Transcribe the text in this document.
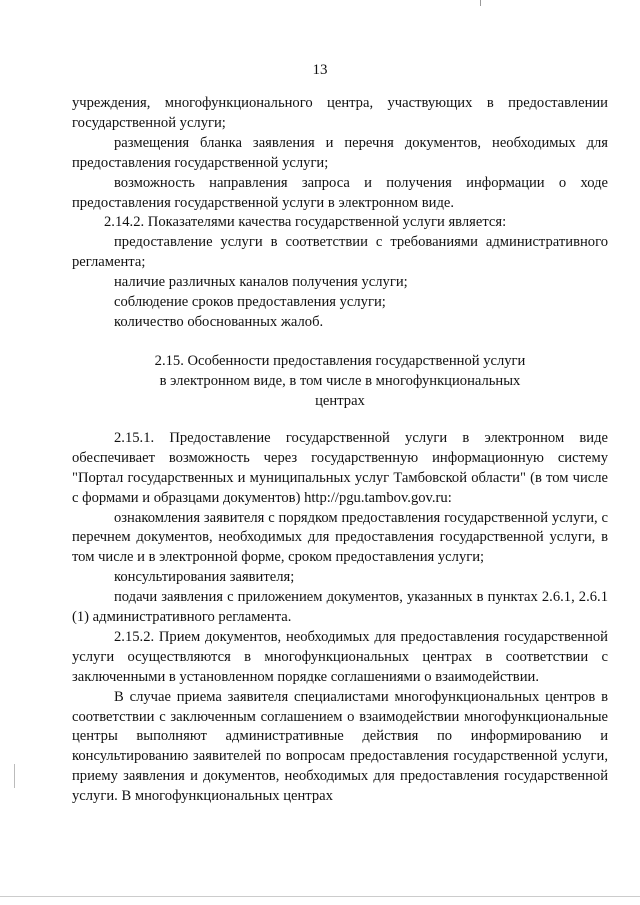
13

учреждения, многофункционального центра, участвующих в предоставлении государственной услуги;

размещения бланка заявления и перечня документов, необходимых для предоставления государственной услуги;

возможность направления запроса и получения информации о ходе предоставления государственной услуги в электронном виде.

2.14.2. Показателями качества государственной услуги является:

предоставление услуги в соответствии с требованиями административного регламента;

наличие различных каналов получения услуги;

соблюдение сроков предоставления услуги;

количество обоснованных жалоб.

2.15. Особенности предоставления государственной услуги
в электронном виде, в том числе в многофункциональных
центрах

2.15.1. Предоставление государственной услуги в электронном виде обеспечивает возможность через государственную информационную систему "Портал государственных и муниципальных услуг Тамбовской области" (в том числе с формами и образцами документов) http://pgu.tambov.gov.ru:

ознакомления заявителя с порядком предоставления государственной услуги, с перечнем документов, необходимых для предоставления государственной услуги, в том числе и в электронной форме, сроком предоставления услуги;

консультирования заявителя;

подачи заявления с приложением документов, указанных в пунктах 2.6.1, 2.6.1 (1) административного регламента.

2.15.2. Прием документов, необходимых для предоставления государственной услуги осуществляются в многофункциональных центрах в соответствии с заключенными в установленном порядке соглашениями о взаимодействии.

В случае приема заявителя специалистами многофункциональных центров в соответствии с заключенным соглашением о взаимодействии многофункциональные центры выполняют административные действия по информированию и консультированию заявителей по вопросам предоставления государственной услуги, приему заявления и документов, необходимых для предоставления государственной услуги. В многофункциональных центрах
